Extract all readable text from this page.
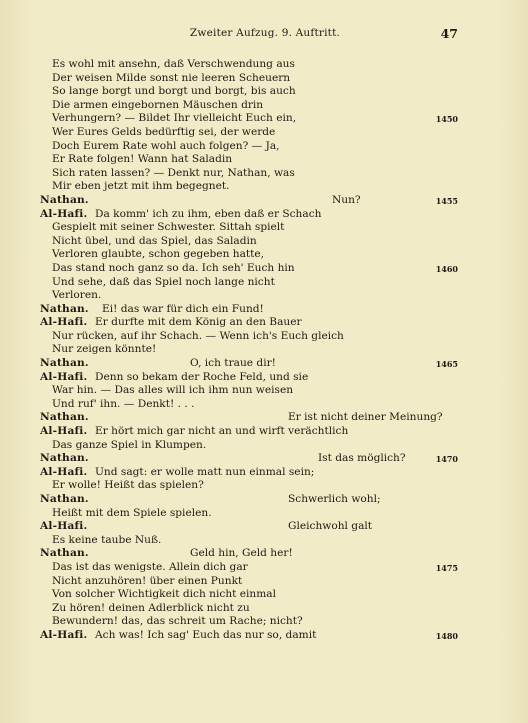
Zweiter Aufzug. 9. Auftritt.	47
Es wohl mit ansehn, daß Verschwendung aus
Der weisen Milde sonst nie leeren Scheuern
So lange borgt und borgt und borgt, bis auch
Die armen eingebornen Mäuschen drin
Verhungern? — Bildet Ihr vielleicht Euch ein,	1450
Wer Eures Gelds bedürftig sei, der werde
Doch Eurem Rate wohl auch folgen? — Ja,
Er Rate folgen! Wann hat Saladin
Sich raten lassen? — Denkt nur, Nathan, was
Mir eben jetzt mit ihm begegnet.
Nathan.	Nun?	1455
Al-Hafi. Da komm' ich zu ihm, eben daß er Schach
Gespielt mit seiner Schwester. Sittah spielt
Nicht übel, und das Spiel, das Saladin
Verloren glaubte, schon gegeben hatte,
Das stand noch ganz so da. Ich seh' Euch hin	1460
Und sehe, daß das Spiel noch lange nicht
Verloren.
Nathan. Ei! das war für dich ein Fund!
Al-Hafi. Er durfte mit dem König an den Bauer
Nur rücken, auf ihr Schach. — Wenn ich's Euch gleich
Nur zeigen könnte!
Nathan.	O, ich traue dir!	1465
Al-Hafi. Denn so bekam der Roche Feld, und sie
War hin. — Das alles will ich ihm nun weisen
Und ruf' ihn. — Denkt! . . .
Nathan.	Er ist nicht deiner Meinung?
Al-Hafi. Er hört mich gar nicht an und wirft verächtlich
Das ganze Spiel in Klumpen.
Nathan.	Ist das möglich?	1470
Al-Hafi. Und sagt: er wolle matt nun einmal sein;
Er wolle! Heißt das spielen?
Nathan.	Schwerlich wohl;
Heißt mit dem Spiele spielen.
Al-Hafi.	Gleichwohl galt
Es keine taube Nuß.
Nathan.	Geld hin, Geld her!
Das ist das wenigste. Allein dich gar	1475
Nicht anzuhören! über einen Punkt
Von solcher Wichtigkeit dich nicht einmal
Zu hören! deinen Adlerblick nicht zu
Bewundern! das, das schreit um Rache; nicht?
Al-Hafi. Ach was! Ich sag' Euch das nur so, damit	1480
